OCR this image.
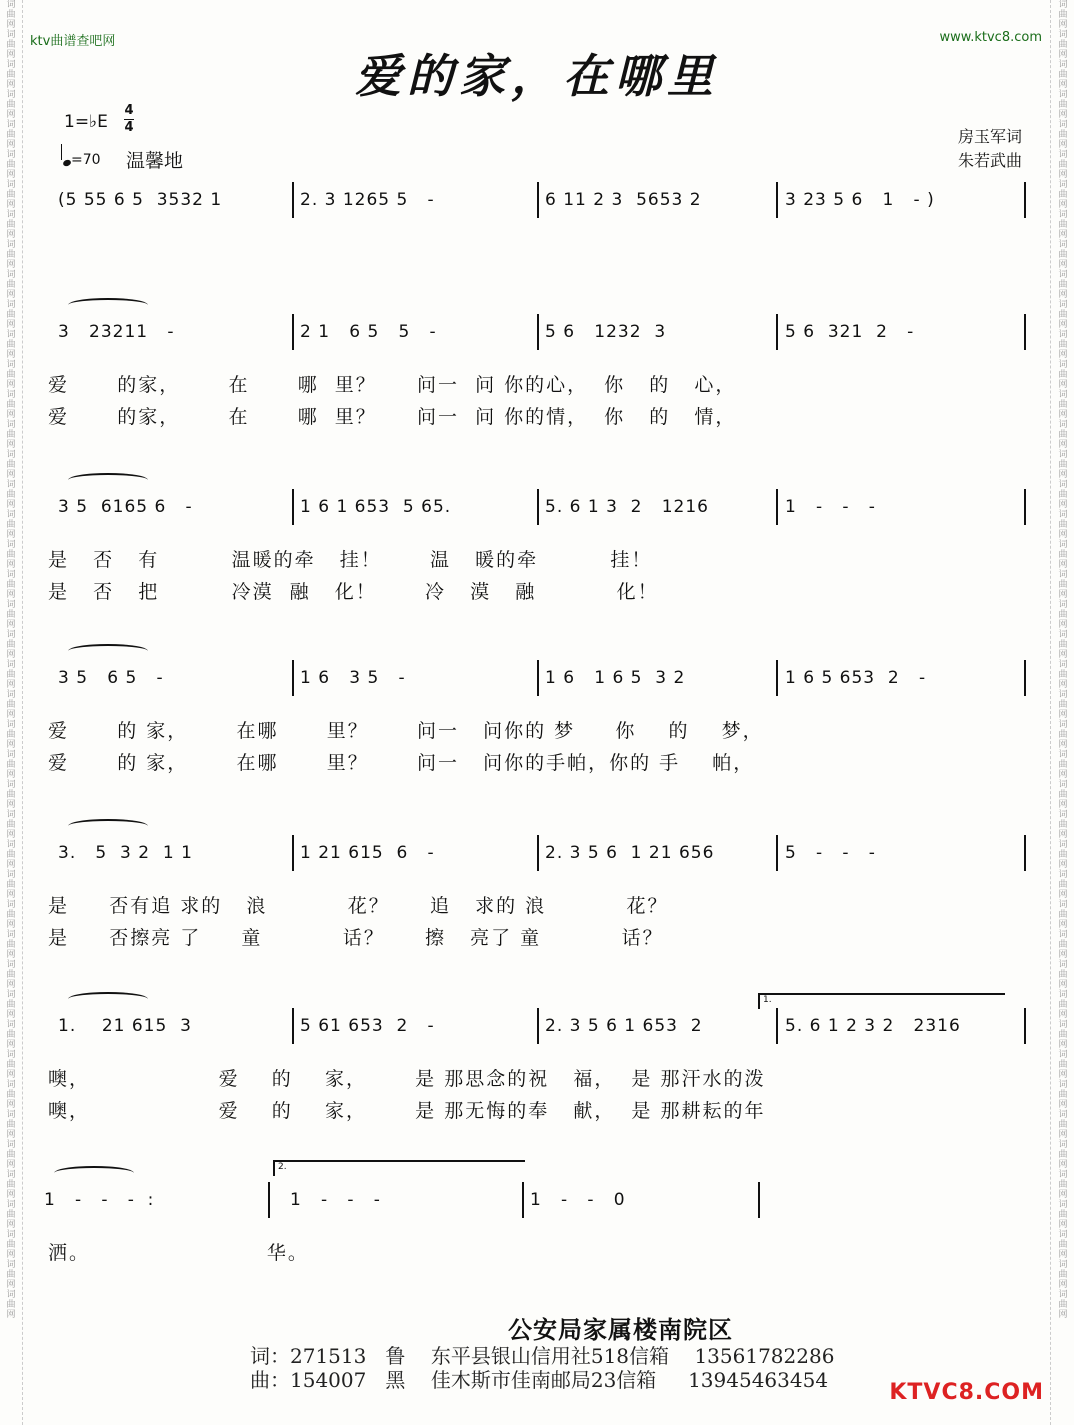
词曲网词曲网词曲网词曲网词曲网词曲网词曲网词曲网词曲网词曲网词曲网词曲网词曲网词曲网词曲网词曲网词曲网词曲网词曲网词曲网词曲网词曲网词曲网词曲网词曲网词曲网词曲网词曲网词曲网词曲网词曲网词曲网词曲网词曲网词曲网词曲网词曲网词曲网词曲网词曲网词曲网词曲网词曲网词曲网
词曲网词曲网词曲网词曲网词曲网词曲网词曲网词曲网词曲网词曲网词曲网词曲网词曲网词曲网词曲网词曲网词曲网词曲网词曲网词曲网词曲网词曲网词曲网词曲网词曲网词曲网词曲网词曲网词曲网词曲网词曲网词曲网词曲网词曲网词曲网词曲网词曲网词曲网词曲网词曲网词曲网词曲网词曲网词曲网
ktv曲谱查吧网	www.ktvc8.com
爱的家，在哪里
1=♭E
4
4
=70 温馨地
房玉军词
朱若武曲
(5 55 6 5  3532 1	2. 3 1265 5   -	6 11 2 3  5653 2	3 23 5 6   1   - )
3   23211   -	2 1   6 5   5   -	5 6   1232  3	5 6  321  2   -
爱      的家，      在      哪  里？     问一  问 你的心，  你   的   心，
爱      的家，      在      哪  里？     问一  问 你的情，  你   的   情，
3 5  6165 6   -	1 6 1 653  5 65.	5. 6 1 3  2   1216	1   -   -   -
是   否   有         温暖的牵   挂！      温   暖的牵         挂！
是   否   把         冷漠  融   化！      冷   漠   融          化！
3 5   6 5   -	1 6   3 5   -	1 6   1 6 5  3 2	1 6 5 653  2   -
爱      的 家，      在哪      里？      问一   问你的 梦     你    的    梦，
爱      的 家，      在哪      里？      问一   问你的手帕，你的 手    帕，
3.   5  3 2  1 1	1 21 615  6   -	2. 3 5 6  1 21 656	5   -   -   -
是     否有追 求的   浪          花？     追   求的 浪          花？
是     否擦亮 了     童          话？     擦   亮了 童          话？
1.    21 615  3	5 61 653  2   -	2. 3 5 6 1 653  2	5. 6 1 2 3 2   2316
噢，                爱    的    家，      是 那思念的祝   福，  是 那汗水的泼
噢，                爱    的    家，      是 那无悔的奉   献，  是 那耕耘的年
1   -   -   -  :	1   -   -   -	1   -   -   0
洒。                      华。
1.
2.
公安局家属楼南院区
词：271513   鲁    东平县银山信用社518信箱    13561782286
曲：154007   黑    佳木斯市佳南邮局23信箱     13945463454	KTVC8.COM
